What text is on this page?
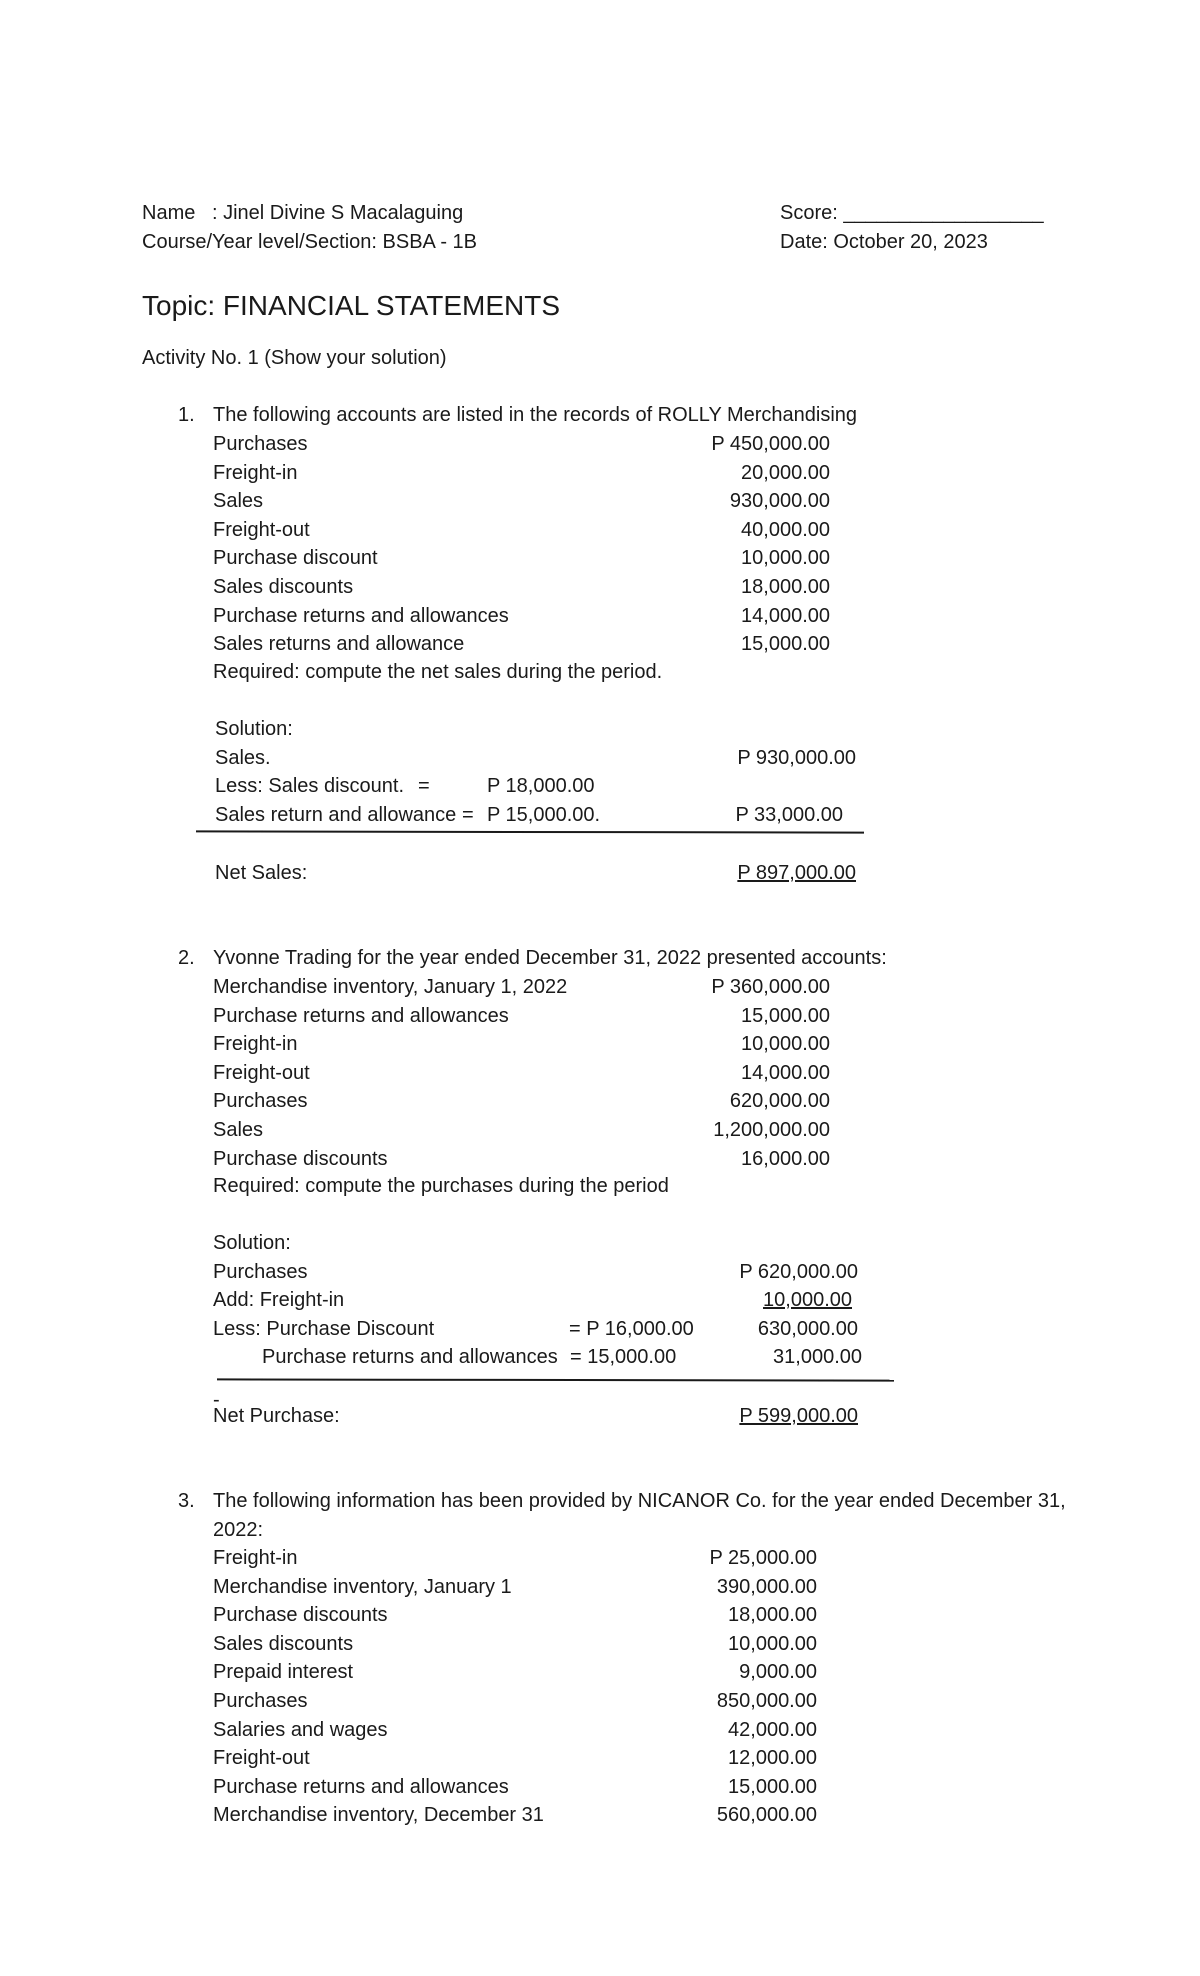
Name : Jinel Divine S Macalaguing
Course/Year level/Section: BSBA - 1B
Score: __________________
Date: October 20, 2023
Topic: FINANCIAL STATEMENTS
Activity No. 1 (Show your solution)
1. The following accounts are listed in the records of ROLLY Merchandising
Purchases	P 450,000.00
Freight-in	20,000.00
Sales	930,000.00
Freight-out	40,000.00
Purchase discount	10,000.00
Sales discounts	18,000.00
Purchase returns and allowances	14,000.00
Sales returns and allowance	15,000.00
Required: compute the net sales during the period.
Solution:
Sales.	P 930,000.00
Less: Sales discount. =	P 18,000.00
Sales return and allowance = P 15,000.00.	P 33,000.00
Net Sales:	P 897,000.00
2. Yvonne Trading for the year ended December 31, 2022 presented accounts:
Merchandise inventory, January 1, 2022	P 360,000.00
Purchase returns and allowances	15,000.00
Freight-in	10,000.00
Freight-out	14,000.00
Purchases	620,000.00
Sales	1,200,000.00
Purchase discounts	16,000.00
Required: compute the purchases during the period
Solution:
Purchases	P 620,000.00
Add: Freight-in	10,000.00
Less: Purchase Discount	= P 16,000.00	630,000.00
Purchase returns and allowances = 15,000.00	31,000.00
-
Net Purchase:	P 599,000.00
3. The following information has been provided by NICANOR Co. for the year ended December 31,
2022:
Freight-in	P 25,000.00
Merchandise inventory, January 1	390,000.00
Purchase discounts	18,000.00
Sales discounts	10,000.00
Prepaid interest	9,000.00
Purchases	850,000.00
Salaries and wages	42,000.00
Freight-out	12,000.00
Purchase returns and allowances	15,000.00
Merchandise inventory, December 31	560,000.00
